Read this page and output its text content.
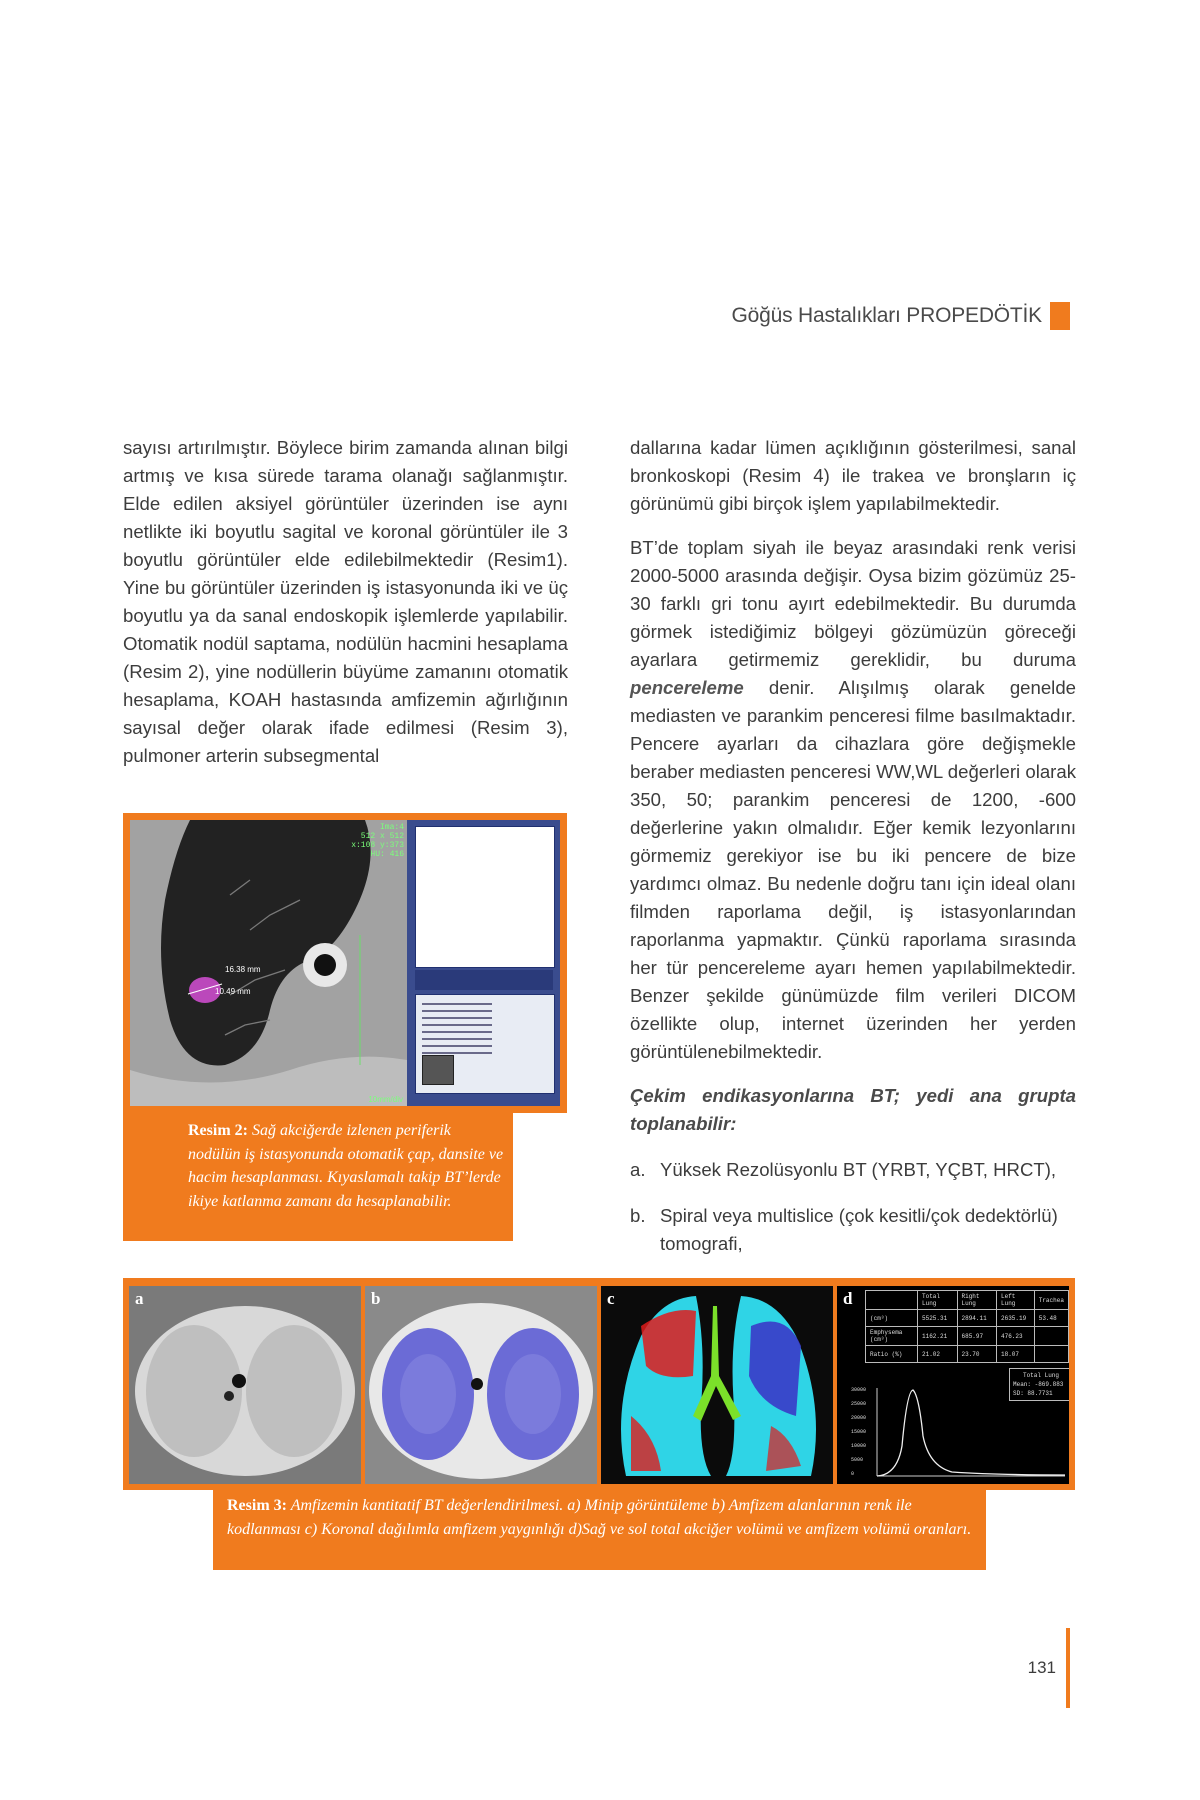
Göğüs Hastalıkları PROPEDÖTİK

sayısı artırılmıştır. Böylece birim zamanda alınan bilgi artmış ve kısa sürede tarama olanağı sağlanmıştır. Elde edilen aksiyel görüntüler üzerinden ise aynı netlikte iki boyutlu sagital ve koronal görüntüler ile 3 boyutlu görüntüler elde edilebilmektedir (Resim1). Yine bu görüntüler üzerinden iş istasyonunda iki ve üç boyutlu ya da sanal endoskopik işlemlerde yapılabilir. Otomatik nodül saptama, nodülün hacmini hesaplama (Resim 2), yine nodüllerin büyüme zamanını otomatik hesaplama, KOAH hastasında amfizemin ağırlığının sayısal değer olarak ifade edilmesi (Resim 3), pulmoner arterin subsegmental

dallarına kadar lümen açıklığının gösterilmesi, sanal bronkoskopi (Resim 4) ile trakea ve bronşların iç görünümü gibi birçok işlem yapılabilmektedir.

BT’de toplam siyah ile beyaz arasındaki renk verisi 2000-5000 arasında değişir. Oysa bizim gözümüz 25-30 farklı gri tonu ayırt edebilmektedir. Bu durumda görmek istediğimiz bölgeyi gözümüzün göreceği ayarlara getirmemiz gereklidir, bu duruma pencereleme denir. Alışılmış olarak genelde mediasten ve parankim penceresi filme basılmaktadır. Pencere ayarları da cihazlara göre değişmekle beraber mediasten penceresi WW,WL değerleri olarak 350, 50; parankim penceresi de 1200, -600 değerlerine yakın olmalıdır. Eğer kemik lezyonlarını görmemiz gerekiyor ise bu iki pencere de bize yardımcı olmaz. Bu nedenle doğru tanı için ideal olanı filmden raporlama değil, iş istasyonlarından raporlanma yapmaktır. Çünkü raporlama sırasında her tür pencereleme ayarı hemen yapılabilmektedir. Benzer şekilde günümüzde film verileri DICOM özellikte olup, internet üzerinden her yerden görüntülenebilmektedir.

Çekim endikasyonlarına BT; yedi ana grupta toplanabilir:

a. Yüksek Rezolüsyonlu BT (YRBT, YÇBT, HRCT),
b. Spiral veya multislice (çok kesitli/çok dedektörlü) tomografi,
Ima:4
512 x 512
x:108 y:373
HU: 416
16.38 mm
10.49 mm
10mm/div
Resim 2: Sağ akciğerde izlenen periferik nodülün iş istasyonunda otomatik çap, dansite ve hacim hesaplanması. Kıyaslamalı takip BT’lerde ikiye katlanma zamanı da hesaplanabilir.
a	b	c
		Total Lung	Right Lung	Left Lung	Trachea
(cm³)	5525.31	2894.11	2635.19	53.48
Emphysema (cm³)	1162.21	685.97	476.23	
Ratio (%)	21.02	23.70	18.07	
Total Lung
Mean: -869.883
SD: 88.7731
30000
25000
20000
15000
10000
5000
0
d
Resim 3: Amfizemin kantitatif BT değerlendirilmesi. a) Minip görüntüleme b) Amfizem alanlarının renk ile kodlanması c) Koronal dağılımla amfizem yaygınlığı d)Sağ ve sol total akciğer volümü ve amfizem volümü oranları.
131
